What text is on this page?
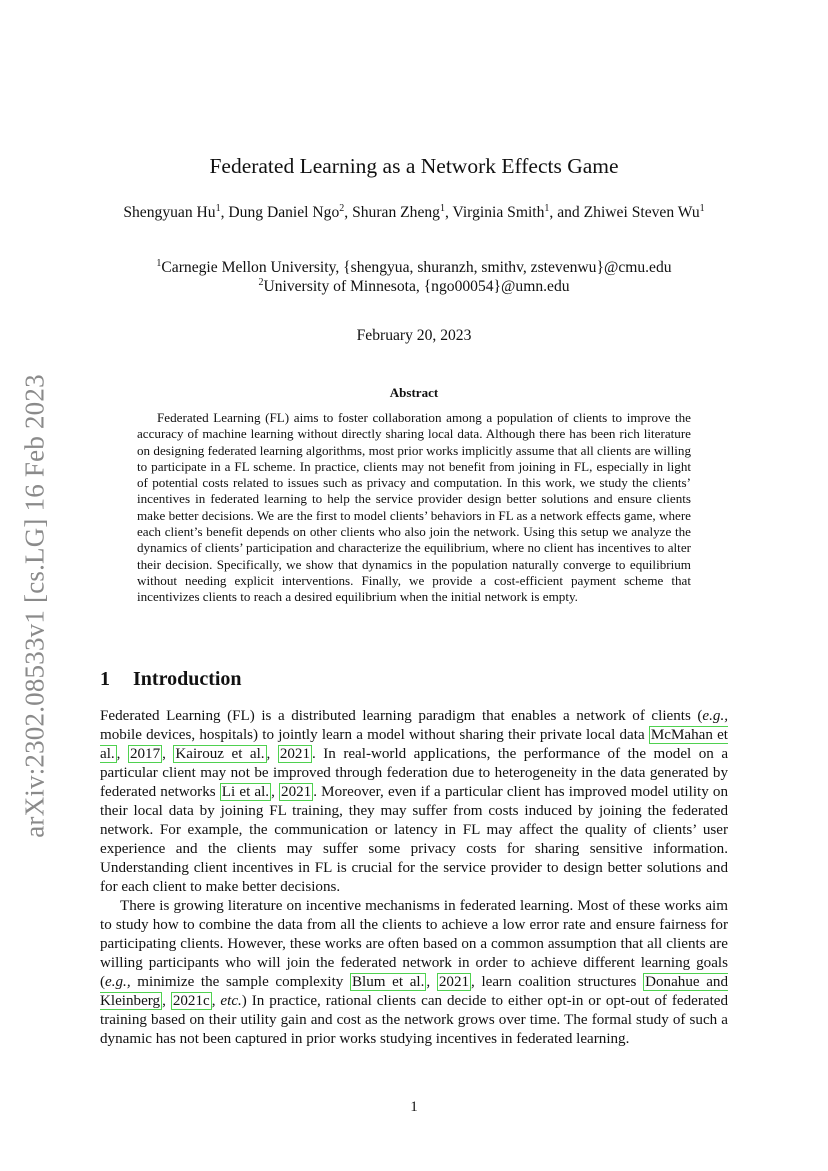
arXiv:2302.08533v1 [cs.LG] 16 Feb 2023
Federated Learning as a Network Effects Game
Shengyuan Hu$^1$, Dung Daniel Ngo$^2$, Shuran Zheng$^1$, Virginia Smith$^1$, and Zhiwei Steven Wu$^1$
$^1$Carnegie Mellon University, {shengyua, shuranzh, smithv, zstevenwu}@cmu.edu
$^2$University of Minnesota, {ngo00054}@umn.edu
February 20, 2023
Abstract

Federated Learning (FL) aims to foster collaboration among a population of clients to improve the accuracy of machine learning without directly sharing local data. Although there has been rich literature on designing federated learning algorithms, most prior works implicitly assume that all clients are willing to participate in a FL scheme. In practice, clients may not benefit from joining in FL, especially in light of potential costs related to issues such as privacy and computation. In this work, we study the clients’ incentives in federated learning to help the service provider design better solutions and ensure clients make better decisions. We are the first to model clients’ behaviors in FL as a network effects game, where each client’s benefit depends on other clients who also join the network. Using this setup we analyze the dynamics of clients’ participation and characterize the equilibrium, where no client has incentives to alter their decision. Specifically, we show that dynamics in the population naturally converge to equilibrium without needing explicit interventions. Finally, we provide a cost-efficient payment scheme that incentivizes clients to reach a desired equilibrium when the initial network is empty.

1 Introduction

Federated Learning (FL) is a distributed learning paradigm that enables a network of clients (e.g., mobile devices, hospitals) to jointly learn a model without sharing their private local data McMahan et al. , 2017 , Kairouz et al. , 2021 . In real-world applications, the performance of the model on a particular client may not be improved through federation due to heterogeneity in the data generated by federated networks Li et al. , 2021 . Moreover, even if a particular client has improved model utility on their local data by joining FL training, they may suffer from costs induced by joining the federated network. For example, the communication or latency in FL may affect the quality of clients’ user experience and the clients may suffer some privacy costs for sharing sensitive information. Understanding client incentives in FL is crucial for the service provider to design better solutions and for each client to make better decisions.

There is growing literature on incentive mechanisms in federated learning. Most of these works aim to study how to combine the data from all the clients to achieve a low error rate and ensure fairness for participating clients. However, these works are often based on a common assumption that all clients are willing participants who will join the federated network in order to achieve different learning goals (e.g., minimize the sample complexity Blum et al. , 2021 , learn coalition structures Donahue and Kleinberg , 2021c , etc.) In practice, rational clients can decide to either opt-in or opt-out of federated training based on their utility gain and cost as the network grows over time. The formal study of such a dynamic has not been captured in prior works studying incentives in federated learning.

1
